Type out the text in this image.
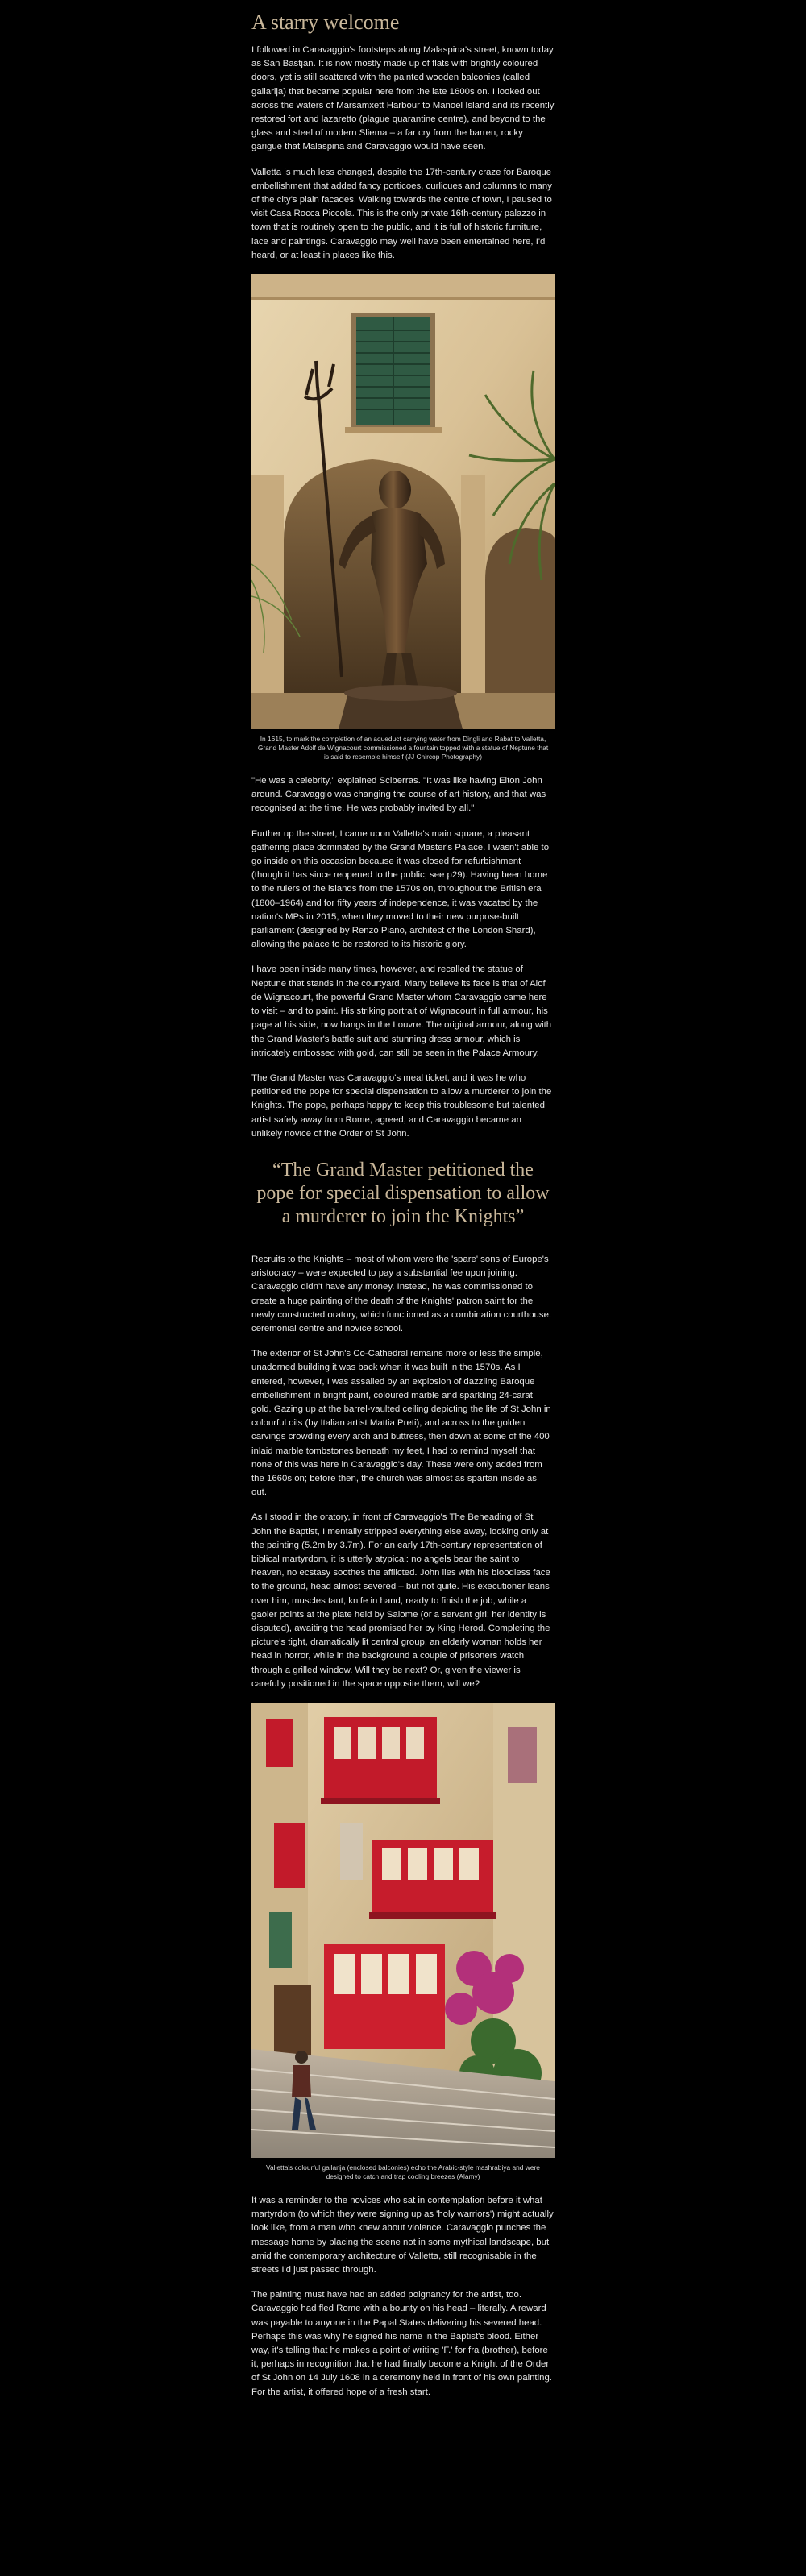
A starry welcome

I followed in Caravaggio's footsteps along Malaspina's street, known today as San Bastjan. It is now mostly made up of flats with brightly coloured doors, yet is still scattered with the painted wooden balconies (called gallarija) that became popular here from the late 1600s on. I looked out across the waters of Marsamxett Harbour to Manoel Island and its recently restored fort and lazaretto (plague quarantine centre), and beyond to the glass and steel of modern Sliema – a far cry from the barren, rocky garigue that Malaspina and Caravaggio would have seen.

Valletta is much less changed, despite the 17th-century craze for Baroque embellishment that added fancy porticoes, curlicues and columns to many of the city's plain facades. Walking towards the centre of town, I paused to visit Casa Rocca Piccola. This is the only private 16th-century palazzo in town that is routinely open to the public, and it is full of historic furniture, lace and paintings. Caravaggio may well have been entertained here, I'd heard, or at least in places like this.

In 1615, to mark the completion of an aqueduct carrying water from Dingli and Rabat to Valletta, Grand Master Adolf de Wignacourt commissioned a fountain topped with a statue of Neptune that is said to resemble himself (JJ Chircop Photography)

"He was a celebrity," explained Sciberras. "It was like having Elton John around. Caravaggio was changing the course of art history, and that was recognised at the time. He was probably invited by all."

Further up the street, I came upon Valletta's main square, a pleasant gathering place dominated by the Grand Master's Palace. I wasn't able to go inside on this occasion because it was closed for refurbishment (though it has since reopened to the public; see p29). Having been home to the rulers of the islands from the 1570s on, throughout the British era (1800–1964) and for fifty years of independence, it was vacated by the nation's MPs in 2015, when they moved to their new purpose-built parliament (designed by Renzo Piano, architect of the London Shard), allowing the palace to be restored to its historic glory.

I have been inside many times, however, and recalled the statue of Neptune that stands in the courtyard. Many believe its face is that of Alof de Wignacourt, the powerful Grand Master whom Caravaggio came here to visit – and to paint. His striking portrait of Wignacourt in full armour, his page at his side, now hangs in the Louvre. The original armour, along with the Grand Master's battle suit and stunning dress armour, which is intricately embossed with gold, can still be seen in the Palace Armoury.

The Grand Master was Caravaggio's meal ticket, and it was he who petitioned the pope for special dispensation to allow a murderer to join the Knights. The pope, perhaps happy to keep this troublesome but talented artist safely away from Rome, agreed, and Caravaggio became an unlikely novice of the Order of St John.

“The Grand Master petitioned the pope for special dispensation to allow a murderer to join the Knights”

Recruits to the Knights – most of whom were the 'spare' sons of Europe's aristocracy – were expected to pay a substantial fee upon joining. Caravaggio didn't have any money. Instead, he was commissioned to create a huge painting of the death of the Knights' patron saint for the newly constructed oratory, which functioned as a combination courthouse, ceremonial centre and novice school.

The exterior of St John's Co-Cathedral remains more or less the simple, unadorned building it was back when it was built in the 1570s. As I entered, however, I was assailed by an explosion of dazzling Baroque embellishment in bright paint, coloured marble and sparkling 24-carat gold. Gazing up at the barrel-vaulted ceiling depicting the life of St John in colourful oils (by Italian artist Mattia Preti), and across to the golden carvings crowding every arch and buttress, then down at some of the 400 inlaid marble tombstones beneath my feet, I had to remind myself that none of this was here in Caravaggio's day. These were only added from the 1660s on; before then, the church was almost as spartan inside as out.

As I stood in the oratory, in front of Caravaggio's The Beheading of St John the Baptist, I mentally stripped everything else away, looking only at the painting (5.2m by 3.7m). For an early 17th-century representation of biblical martyrdom, it is utterly atypical: no angels bear the saint to heaven, no ecstasy soothes the afflicted. John lies with his bloodless face to the ground, head almost severed – but not quite. His executioner leans over him, muscles taut, knife in hand, ready to finish the job, while a gaoler points at the plate held by Salome (or a servant girl; her identity is disputed), awaiting the head promised her by King Herod. Completing the picture's tight, dramatically lit central group, an elderly woman holds her head in horror, while in the background a couple of prisoners watch through a grilled window. Will they be next? Or, given the viewer is carefully positioned in the space opposite them, will we?

Valletta's colourful gallarija (enclosed balconies) echo the Arabic-style mashrabiya and were designed to catch and trap cooling breezes (Alamy)

It was a reminder to the novices who sat in contemplation before it what martyrdom (to which they were signing up as 'holy warriors') might actually look like, from a man who knew about violence. Caravaggio punches the message home by placing the scene not in some mythical landscape, but amid the contemporary architecture of Valletta, still recognisable in the streets I'd just passed through.

The painting must have had an added poignancy for the artist, too. Caravaggio had fled Rome with a bounty on his head – literally. A reward was payable to anyone in the Papal States delivering his severed head. Perhaps this was why he signed his name in the Baptist's blood. Either way, it's telling that he makes a point of writing 'F.' for fra (brother), before it, perhaps in recognition that he had finally become a Knight of the Order of St John on 14 July 1608 in a ceremony held in front of his own painting. For the artist, it offered hope of a fresh start.
